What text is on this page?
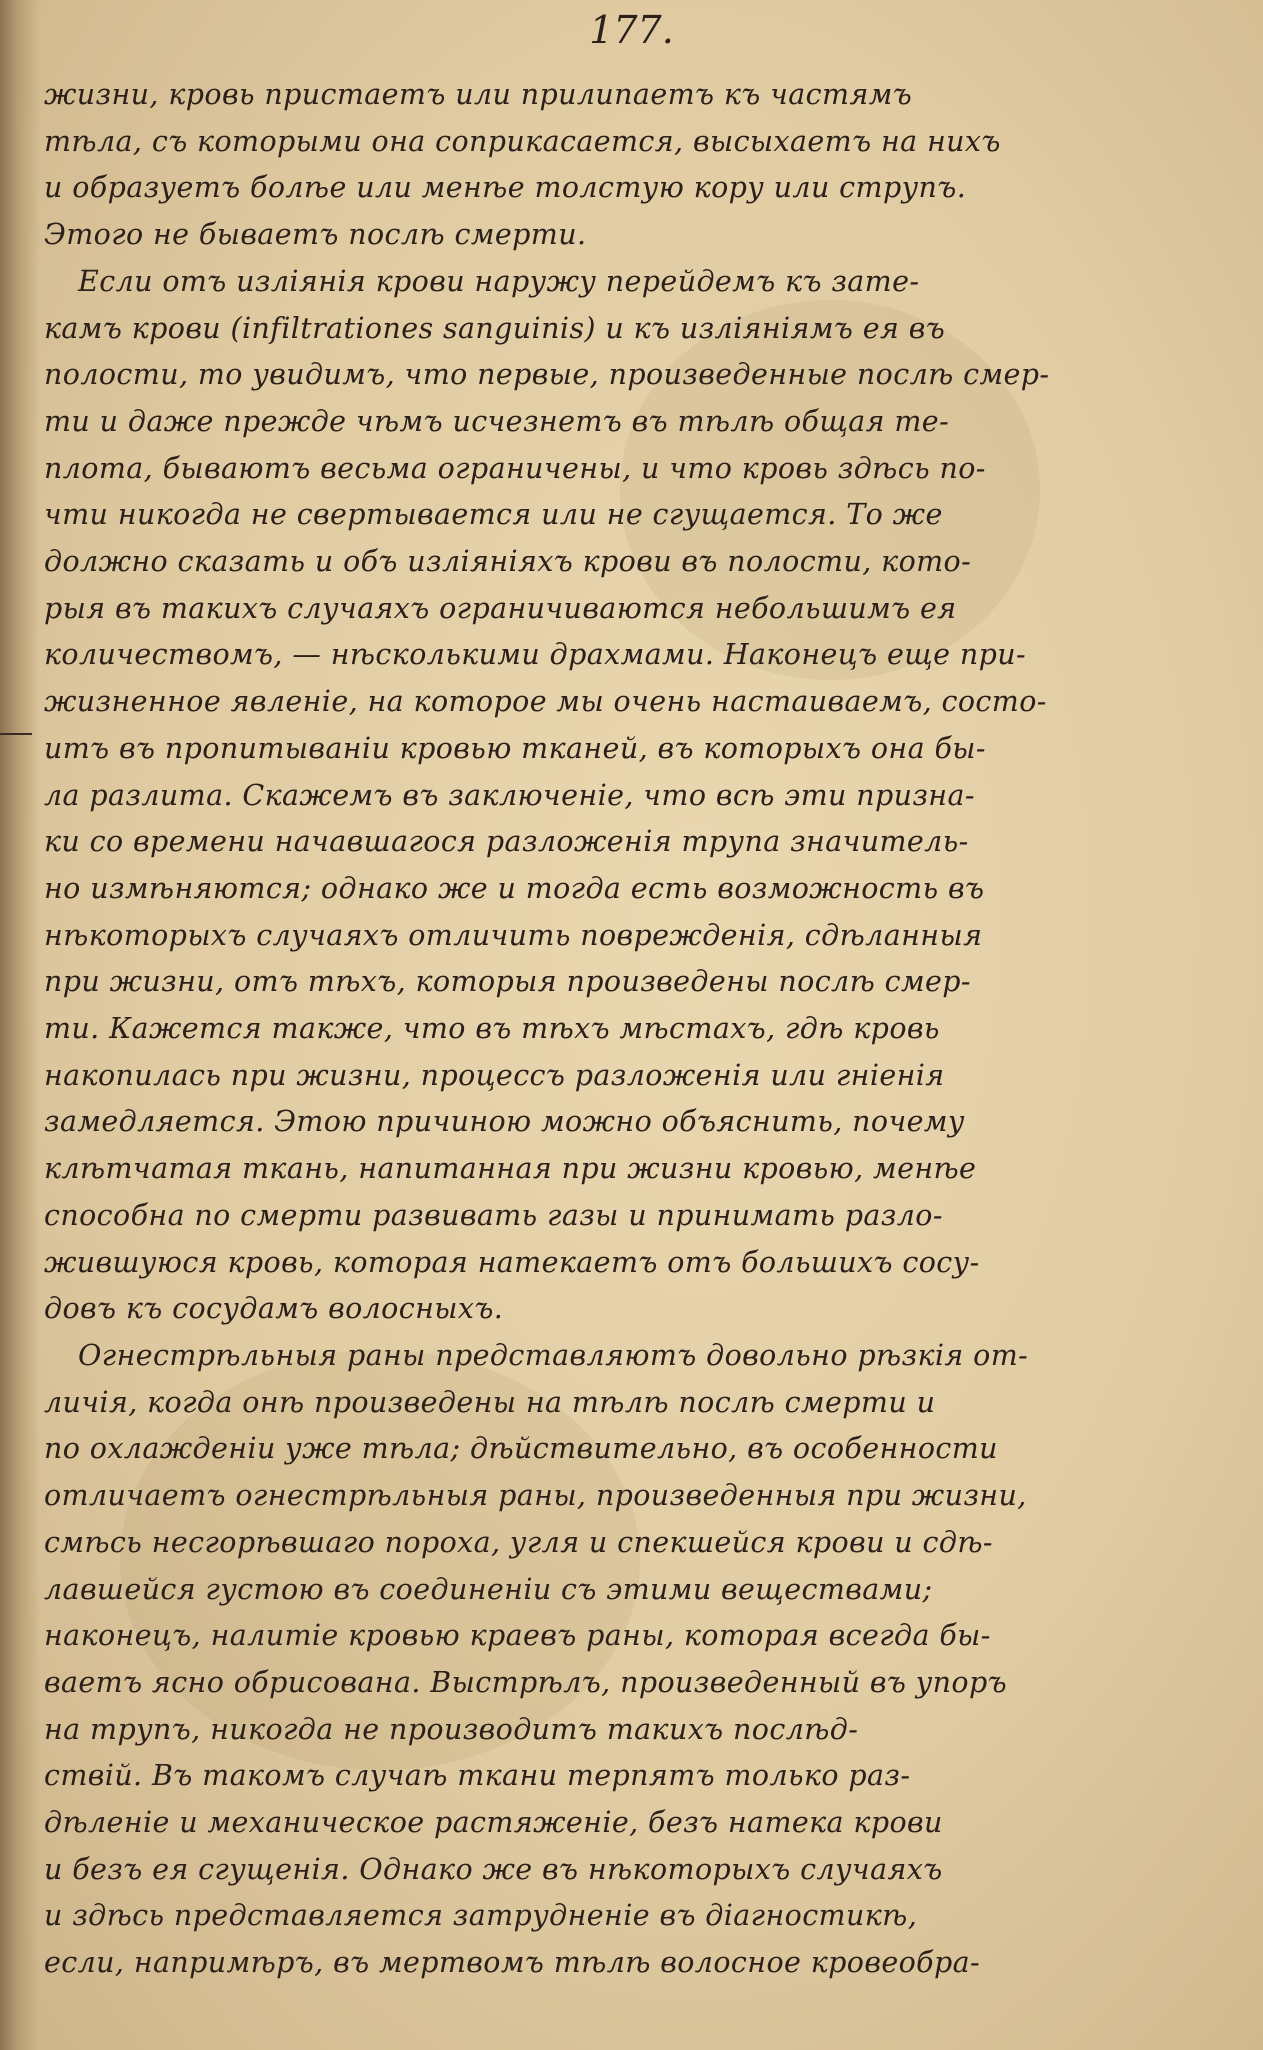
177.
жизни, кровь пристаетъ или прилипаетъ къ частямъ
тѣла, съ которыми она соприкасается, высыхаетъ на нихъ
и образуетъ болѣе или менѣе толстую кору или струпъ.
Этого не бываетъ послѣ смерти.
Если отъ изліянія крови наружу перейдемъ къ зате-
камъ крови (infiltrationes sanguinis) и къ изліяніямъ ея въ
полости, то увидимъ, что первые, произведенные послѣ смер-
ти и даже прежде чѣмъ исчезнетъ въ тѣлѣ общая те-
плота, бываютъ весьма ограничены, и что кровь здѣсь по-
чти никогда не свертывается или не сгущается. То же
должно сказать и объ изліяніяхъ крови въ полости, кото-
рыя въ такихъ случаяхъ ограничиваются небольшимъ ея
количествомъ, — нѣсколькими драхмами. Наконецъ еще при-
жизненное явленіе, на которое мы очень настаиваемъ, состо-
итъ въ пропитываніи кровью тканей, въ которыхъ она бы-
ла разлита. Скажемъ въ заключеніе, что всѣ эти призна-
ки со времени начавшагося разложенія трупа значитель-
но измѣняются; однако же и тогда есть возможность въ
нѣкоторыхъ случаяхъ отличить поврежденія, сдѣланныя
при жизни, отъ тѣхъ, которыя произведены послѣ смер-
ти. Кажется также, что въ тѣхъ мѣстахъ, гдѣ кровь
накопилась при жизни, процессъ разложенія или гніенія
замедляется. Этою причиною можно объяснить, почему
клѣтчатая ткань, напитанная при жизни кровью, менѣе
способна по смерти развивать газы и принимать разло-
жившуюся кровь, которая натекаетъ отъ большихъ сосу-
довъ къ сосудамъ волосныхъ.
Огнестрѣльныя раны представляютъ довольно рѣзкія от-
личія, когда онѣ произведены на тѣлѣ послѣ смерти и
по охлажденіи уже тѣла; дѣйствительно, въ особенности
отличаетъ огнестрѣльныя раны, произведенныя при жизни,
смѣсь несгорѣвшаго пороха, угля и спекшейся крови и сдѣ-
лавшейся густою въ соединеніи съ этими веществами;
наконецъ, налитіе кровью краевъ раны, которая всегда бы-
ваетъ ясно обрисована. Выстрѣлъ, произведенный въ упоръ
на трупъ, никогда не производитъ такихъ послѣд-
ствій. Въ такомъ случаѣ ткани терпятъ только раз-
дѣленіе и механическое растяженіе, безъ натека крови
и безъ ея сгущенія. Однако же въ нѣкоторыхъ случаяхъ
и здѣсь представляется затрудненіе въ діагностикѣ,
если, напримѣръ, въ мертвомъ тѣлѣ волосное кровеобра-
